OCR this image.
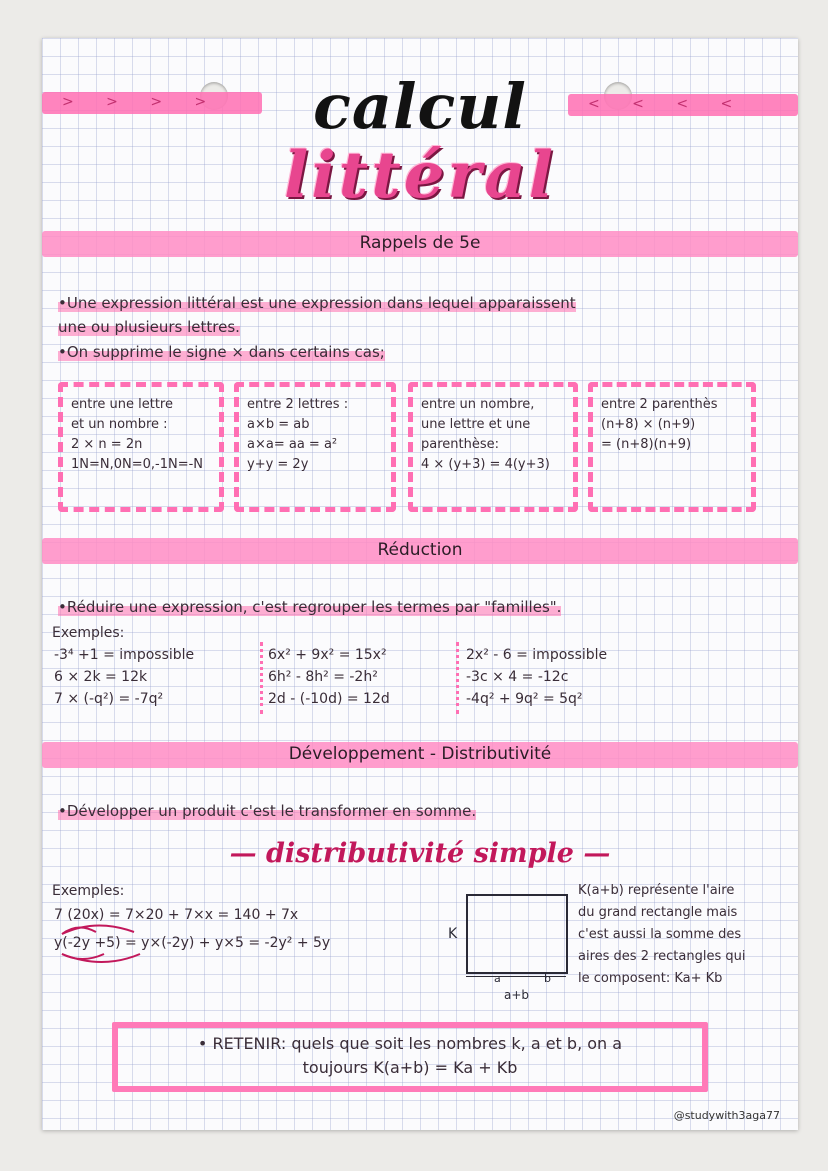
> > > >	< < < <
calcul
littéral
Rappels de 5e
•Une expression littéral est une expression dans lequel apparaissent
une ou plusieurs lettres.
•On supprime le signe × dans certains cas;
entre une lettre
et un nombre :
2 × n = 2n
1N=N,0N=0,-1N=-N
entre 2 lettres :
a×b = ab
a×a= aa = a²
y+y = 2y
entre un nombre,
une lettre et une
parenthèse:
4 × (y+3) = 4(y+3)
entre 2 parenthès
(n+8) × (n+9)
= (n+8)(n+9)
Réduction
•Réduire une expression, c'est regrouper les termes par "familles".
Exemples:
-3⁴ +1 = impossible
6 × 2k = 12k
7 × (-q²) = -7q²
6x² + 9x² = 15x²
6h² - 8h² = -2h²
2d - (-10d) = 12d
2x² - 6 = impossible
-3c × 4 = -12c
-4q² + 9q² = 5q²
Développement - Distributivité
•Développer un produit c'est le transformer en somme.
— distributivité simple —
Exemples:
7 (20x) = 7×20 + 7×x = 140 + 7x
y(-2y +5) = y×(-2y) + y×5 = -2y² + 5y
K
a	b
a+b
K(a+b) représente l'aire
du grand rectangle mais
c'est aussi la somme des
aires des 2 rectangles qui
le composent: Ka+ Kb
• RETENIR: quels que soit les nombres k, a et b, on a
toujours K(a+b) = Ka + Kb
@studywith3aga77
